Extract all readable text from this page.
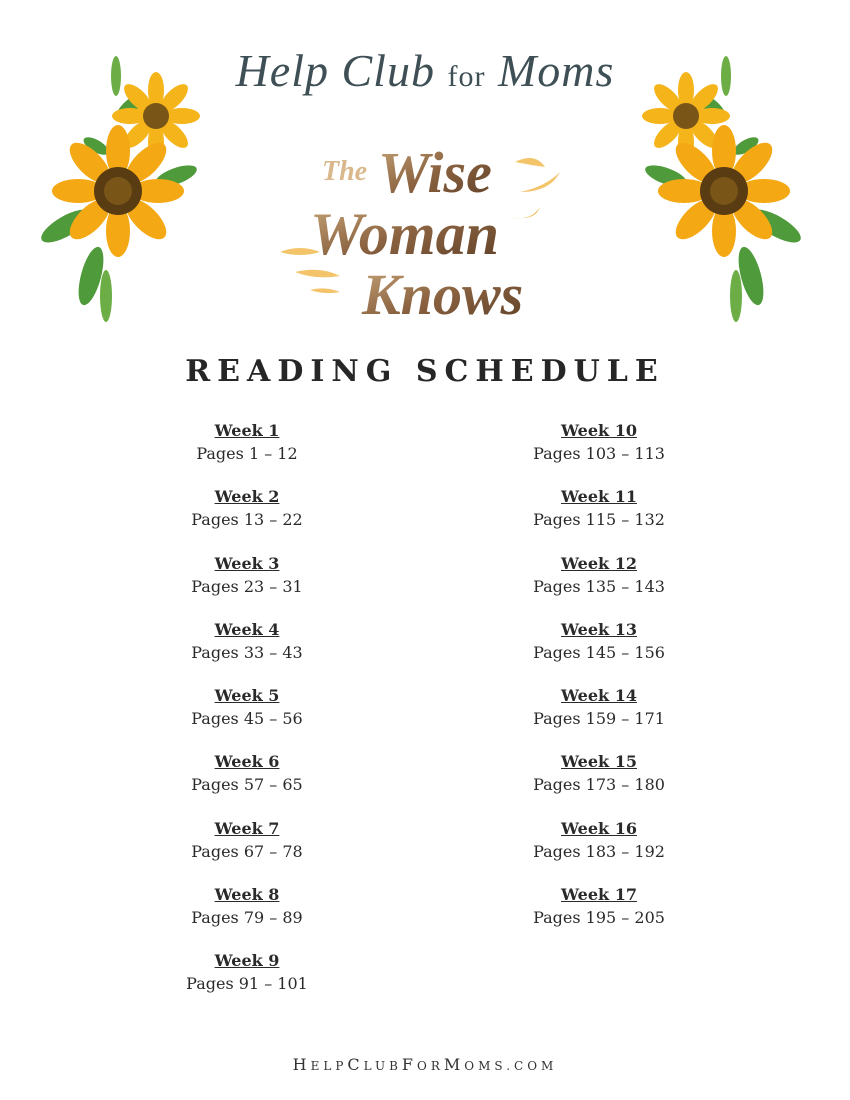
Help Club for Moms
The Wise
Woman
Knows
READING SCHEDULE
Week 1
Pages 1 – 12
Week 2
Pages 13 – 22
Week 3
Pages 23 – 31
Week 4
Pages 33 – 43
Week 5
Pages 45 – 56
Week 6
Pages 57 – 65
Week 7
Pages 67 – 78
Week 8
Pages 79 – 89
Week 9
Pages 91 – 101
Week 10
Pages 103 – 113
Week 11
Pages 115 – 132
Week 12
Pages 135 – 143
Week 13
Pages 145 – 156
Week 14
Pages 159 – 171
Week 15
Pages 173 – 180
Week 16
Pages 183 – 192
Week 17
Pages 195 – 205
HELPCLUBFORMOMS.COM
